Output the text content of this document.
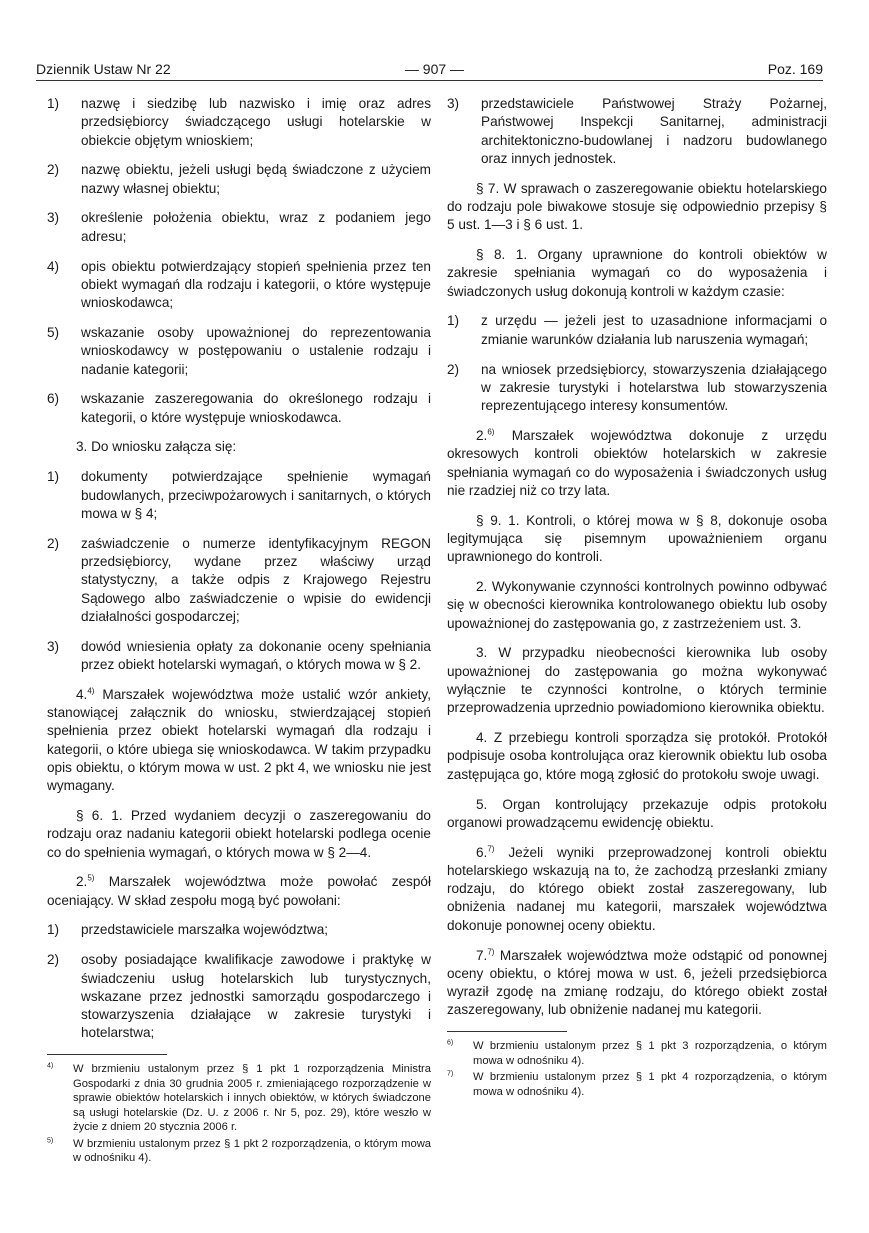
Dziennik Ustaw Nr 22	— 907 —	Poz. 169
1) nazwę i siedzibę lub nazwisko i imię oraz adres przedsiębiorcy świadczącego usługi hotelarskie w obiekcie objętym wnioskiem;
2) nazwę obiektu, jeżeli usługi będą świadczone z użyciem nazwy własnej obiektu;
3) określenie położenia obiektu, wraz z podaniem jego adresu;
4) opis obiektu potwierdzający stopień spełnienia przez ten obiekt wymagań dla rodzaju i kategorii, o które występuje wnioskodawca;
5) wskazanie osoby upoważnionej do reprezentowania wnioskodawcy w postępowaniu o ustalenie rodzaju i nadanie kategorii;
6) wskazanie zaszeregowania do określonego rodzaju i kategorii, o które występuje wnioskodawca.

3. Do wniosku załącza się:

1) dokumenty potwierdzające spełnienie wymagań budowlanych, przeciwpożarowych i sanitarnych, o których mowa w § 4;
2) zaświadczenie o numerze identyfikacyjnym REGON przedsiębiorcy, wydane przez właściwy urząd statystyczny, a także odpis z Krajowego Rejestru Sądowego albo zaświadczenie o wpisie do ewidencji działalności gospodarczej;
3) dowód wniesienia opłaty za dokonanie oceny spełniania przez obiekt hotelarski wymagań, o których mowa w § 2.

4.$^{4)}$ Marszałek województwa może ustalić wzór ankiety, stanowiącej załącznik do wniosku, stwierdzającej stopień spełnienia przez obiekt hotelarski wymagań dla rodzaju i kategorii, o które ubiega się wnioskodawca. W takim przypadku opis obiektu, o którym mowa w ust. 2 pkt 4, we wniosku nie jest wymagany.

§ 6. 1. Przed wydaniem decyzji o zaszeregowaniu do rodzaju oraz nadaniu kategorii obiekt hotelarski podlega ocenie co do spełnienia wymagań, o których mowa w § 2—4.

2.$^{5)}$ Marszałek województwa może powołać zespół oceniający. W skład zespołu mogą być powołani:

1) przedstawiciele marszałka województwa;
2) osoby posiadające kwalifikacje zawodowe i praktykę w świadczeniu usług hotelarskich lub turystycznych, wskazane przez jednostki samorządu gospodarczego i stowarzyszenia działające w zakresie turystyki i hotelarstwa;
$^{4)}$ W brzmieniu ustalonym przez § 1 pkt 1 rozporządzenia Ministra Gospodarki z dnia 30 grudnia 2005 r. zmieniającego rozporządzenie w sprawie obiektów hotelarskich i innych obiektów, w których świadczone są usługi hotelarskie (Dz. U. z 2006 r. Nr 5, poz. 29), które weszło w życie z dniem 20 stycznia 2006 r.
$^{5)}$ W brzmieniu ustalonym przez § 1 pkt 2 rozporządzenia, o którym mowa w odnośniku 4).
3) przedstawiciele Państwowej Straży Pożarnej, Państwowej Inspekcji Sanitarnej, administracji architektoniczno-budowlanej i nadzoru budowlanego oraz innych jednostek.

§ 7. W sprawach o zaszeregowanie obiektu hotelarskiego do rodzaju pole biwakowe stosuje się odpowiednio przepisy § 5 ust. 1—3 i § 6 ust. 1.

§ 8. 1. Organy uprawnione do kontroli obiektów w zakresie spełniania wymagań co do wyposażenia i świadczonych usług dokonują kontroli w każdym czasie:

1) z urzędu — jeżeli jest to uzasadnione informacjami o zmianie warunków działania lub naruszenia wymagań;
2) na wniosek przedsiębiorcy, stowarzyszenia działającego w zakresie turystyki i hotelarstwa lub stowarzyszenia reprezentującego interesy konsumentów.

2.$^{6)}$ Marszałek województwa dokonuje z urzędu okresowych kontroli obiektów hotelarskich w zakresie spełniania wymagań co do wyposażenia i świadczonych usług nie rzadziej niż co trzy lata.

§ 9. 1. Kontroli, o której mowa w § 8, dokonuje osoba legitymująca się pisemnym upoważnieniem organu uprawnionego do kontroli.

2. Wykonywanie czynności kontrolnych powinno odbywać się w obecności kierownika kontrolowanego obiektu lub osoby upoważnionej do zastępowania go, z zastrzeżeniem ust. 3.

3. W przypadku nieobecności kierownika lub osoby upoważnionej do zastępowania go można wykonywać wyłącznie te czynności kontrolne, o których terminie przeprowadzenia uprzednio powiadomiono kierownika obiektu.

4. Z przebiegu kontroli sporządza się protokół. Protokół podpisuje osoba kontrolująca oraz kierownik obiektu lub osoba zastępująca go, które mogą zgłosić do protokołu swoje uwagi.

5. Organ kontrolujący przekazuje odpis protokołu organowi prowadzącemu ewidencję obiektu.

6.$^{7)}$ Jeżeli wyniki przeprowadzonej kontroli obiektu hotelarskiego wskazują na to, że zachodzą przesłanki zmiany rodzaju, do którego obiekt został zaszeregowany, lub obniżenia nadanej mu kategorii, marszałek województwa dokonuje ponownej oceny obiektu.

7.$^{7)}$ Marszałek województwa może odstąpić od ponownej oceny obiektu, o której mowa w ust. 6, jeżeli przedsiębiorca wyraził zgodę na zmianę rodzaju, do którego obiekt został zaszeregowany, lub obniżenie nadanej mu kategorii.

$^{6)}$ W brzmieniu ustalonym przez § 1 pkt 3 rozporządzenia, o którym mowa w odnośniku 4).
$^{7)}$ W brzmieniu ustalonym przez § 1 pkt 4 rozporządzenia, o którym mowa w odnośniku 4).
